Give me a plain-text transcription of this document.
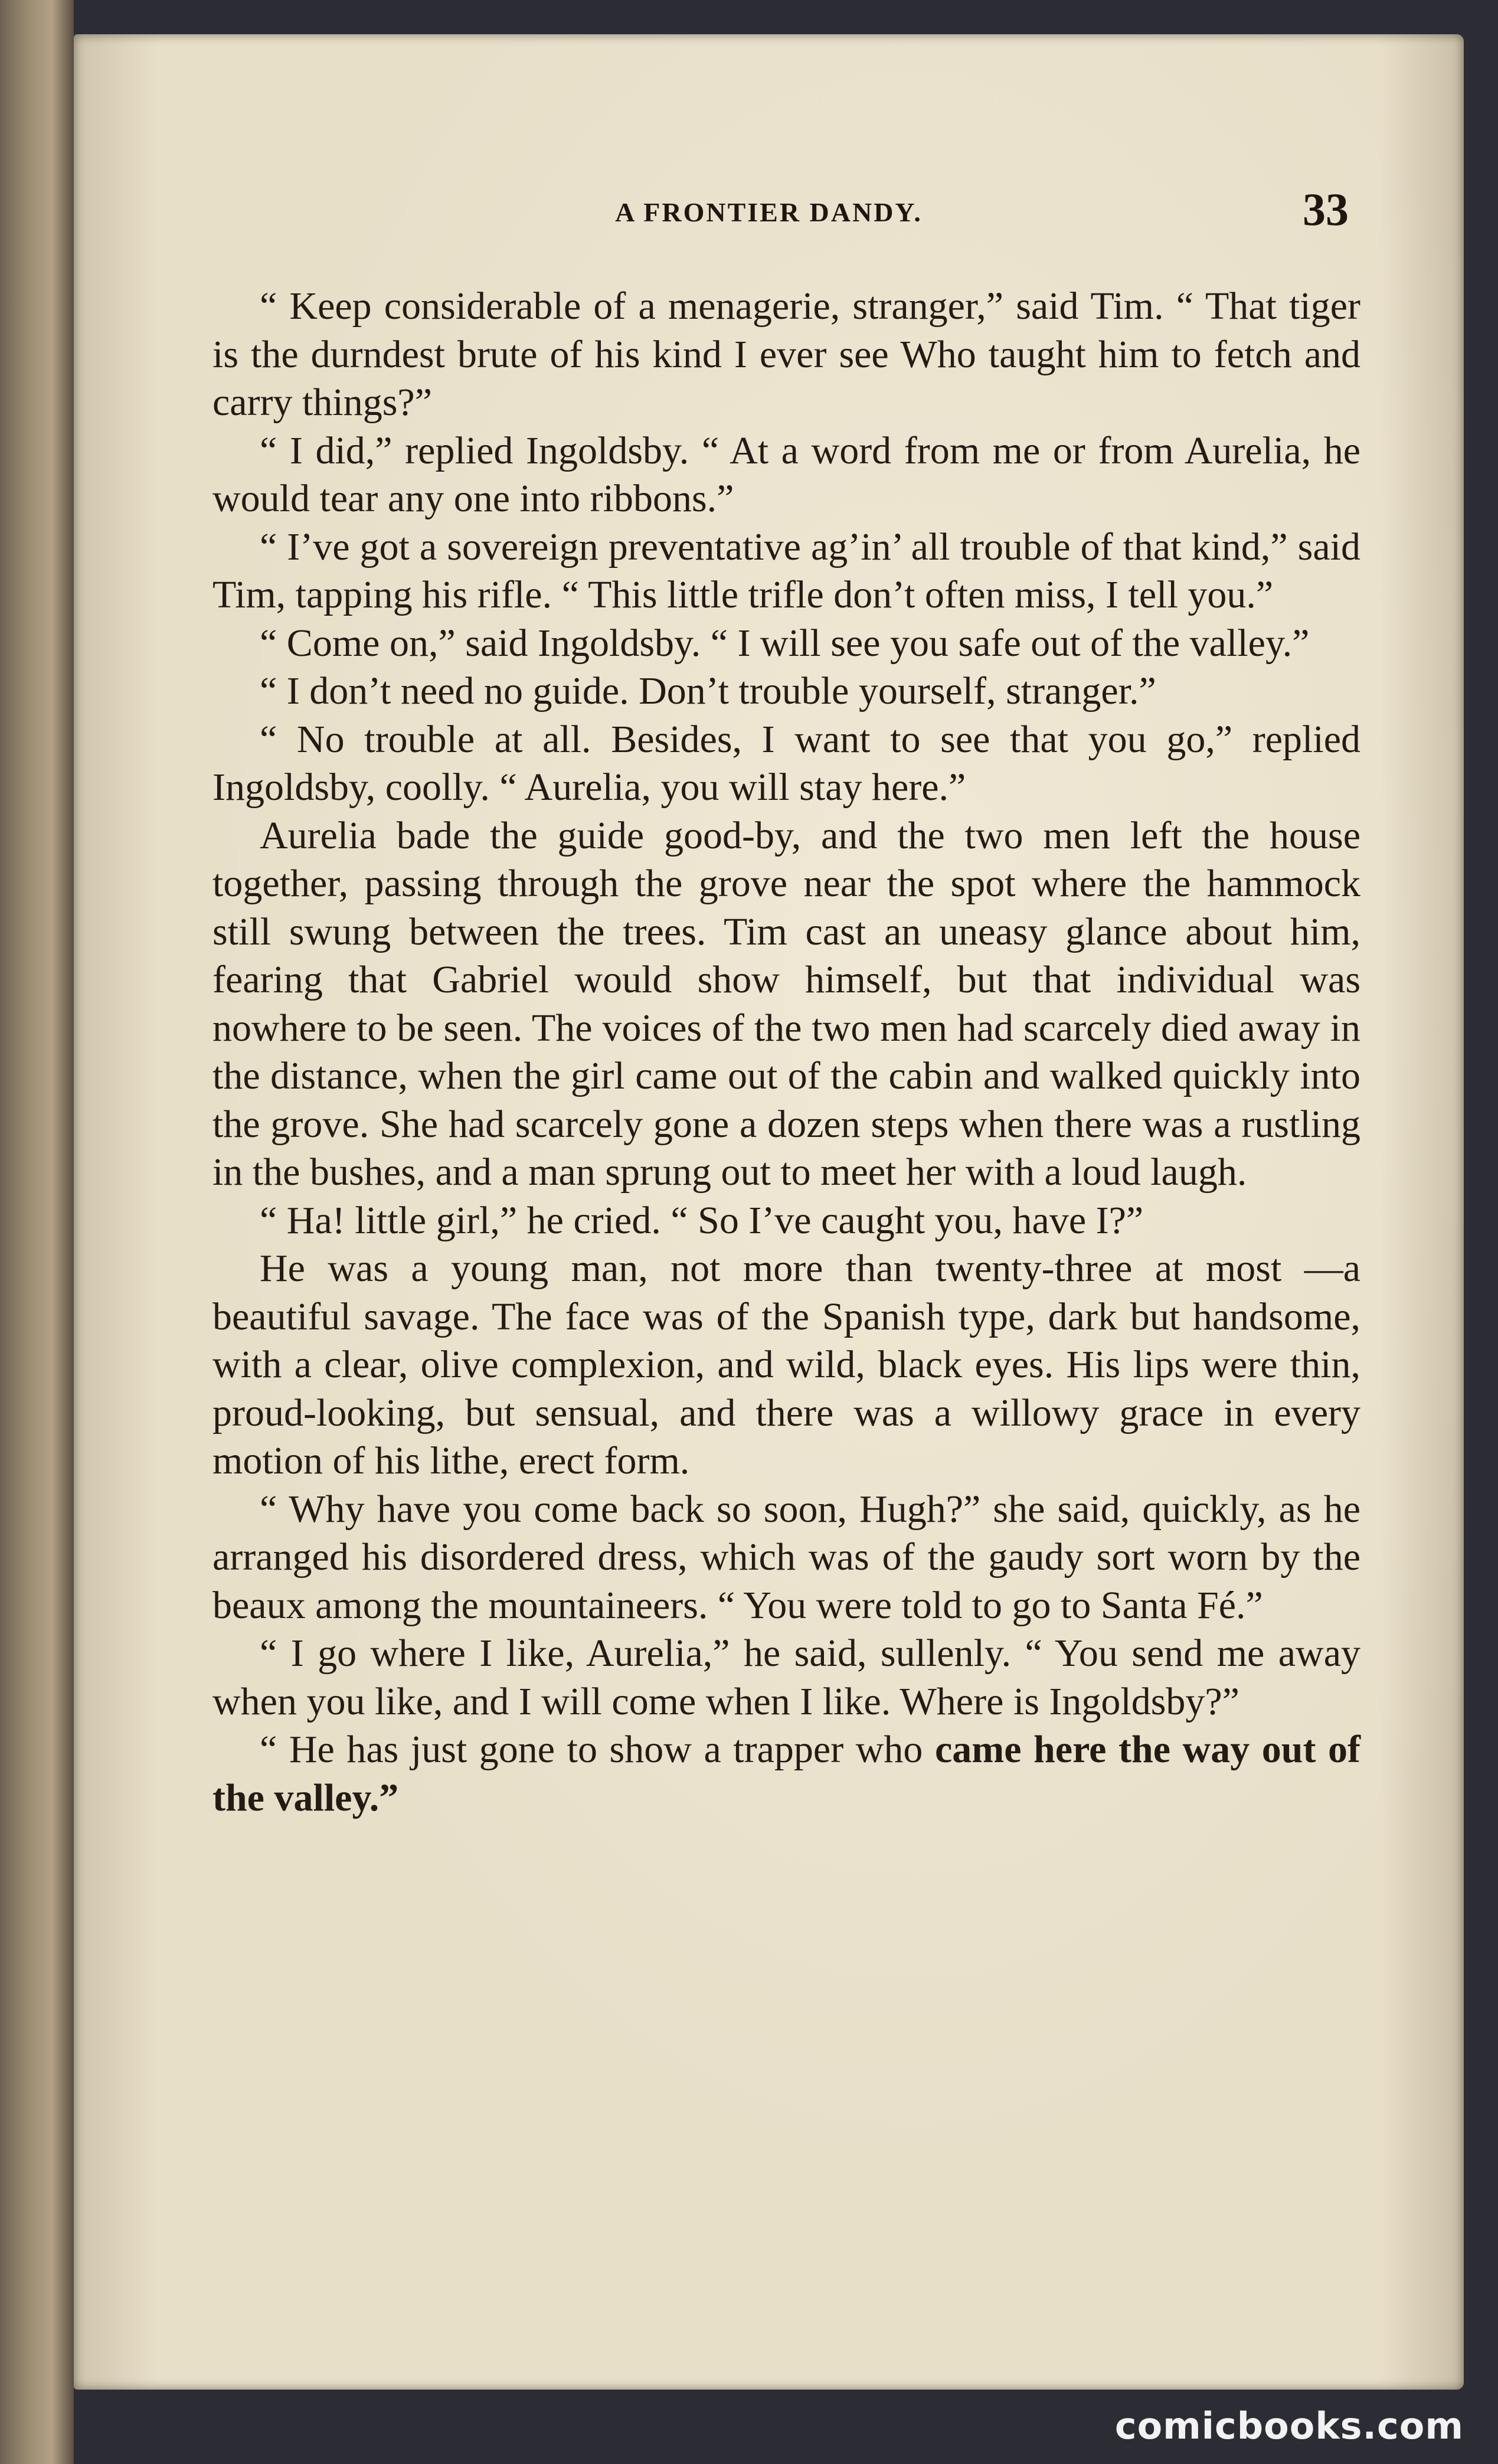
A FRONTIER DANDY.	33

“ Keep considerable of a menagerie, stranger,” said Tim. “ That tiger is the durndest brute of his kind I ever see Who taught him to fetch and carry things?”

“ I did,” replied Ingoldsby. “ At a word from me or from Aurelia, he would tear any one into ribbons.”

“ I’ve got a sovereign preventative ag’in’ all trouble of that kind,” said Tim, tapping his rifle. “ This little trifle don’t often miss, I tell you.”

“ Come on,” said Ingoldsby. “ I will see you safe out of the valley.”

“ I don’t need no guide. Don’t trouble yourself, stranger.”

“ No trouble at all. Besides, I want to see that you go,” replied Ingoldsby, coolly. “ Aurelia, you will stay here.”

Aurelia bade the guide good-by, and the two men left the house together, passing through the grove near the spot where the hammock still swung between the trees. Tim cast an uneasy glance about him, fearing that Gabriel would show himself, but that individual was nowhere to be seen. The voices of the two men had scarcely died away in the distance, when the girl came out of the cabin and walked quickly into the grove. She had scarcely gone a dozen steps when there was a rustling in the bushes, and a man sprung out to meet her with a loud laugh.

“ Ha! little girl,” he cried. “ So I’ve caught you, have I?”

He was a young man, not more than twenty-three at most —a beautiful savage. The face was of the Spanish type, dark but handsome, with a clear, olive complexion, and wild, black eyes. His lips were thin, proud-looking, but sensual, and there was a willowy grace in every motion of his lithe, erect form.

“ Why have you come back so soon, Hugh?” she said, quickly, as he arranged his disordered dress, which was of the gaudy sort worn by the beaux among the mountaineers. “ You were told to go to Santa Fé.”

“ I go where I like, Aurelia,” he said, sullenly. “ You send me away when you like, and I will come when I like. Where is Ingoldsby?”

“ He has just gone to show a trapper who came here the way out of the valley.”

comicbooks.com
